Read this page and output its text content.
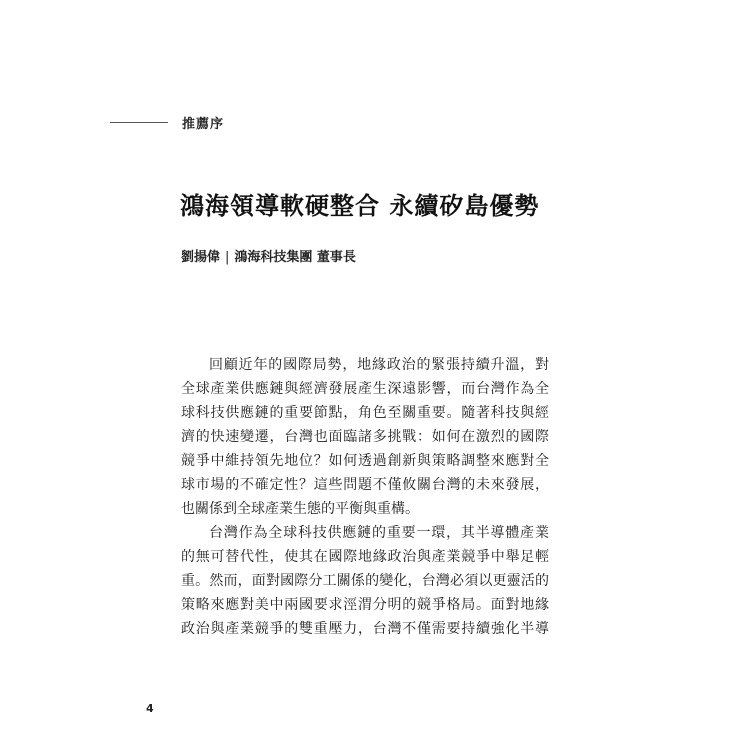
推薦序
鴻海領導軟硬整合 永續矽島優勢
劉揚偉 | 鴻海科技集團 董事長
回顧近年的國際局勢，地緣政治的緊張持續升溫，對
全球產業供應鏈與經濟發展產生深遠影響，而台灣作為全
球科技供應鏈的重要節點，角色至關重要。隨著科技與經
濟的快速變遷，台灣也面臨諸多挑戰：如何在激烈的國際
競爭中維持領先地位？如何透過創新與策略調整來應對全
球市場的不確定性？這些問題不僅攸關台灣的未來發展，
也關係到全球產業生態的平衡與重構。
台灣作為全球科技供應鏈的重要一環，其半導體產業
的無可替代性，使其在國際地緣政治與產業競爭中舉足輕
重。然而，面對國際分工關係的變化，台灣必須以更靈活的
策略來應對美中兩國要求涇渭分明的競爭格局。面對地緣
政治與產業競爭的雙重壓力，台灣不僅需要持續強化半導
4
